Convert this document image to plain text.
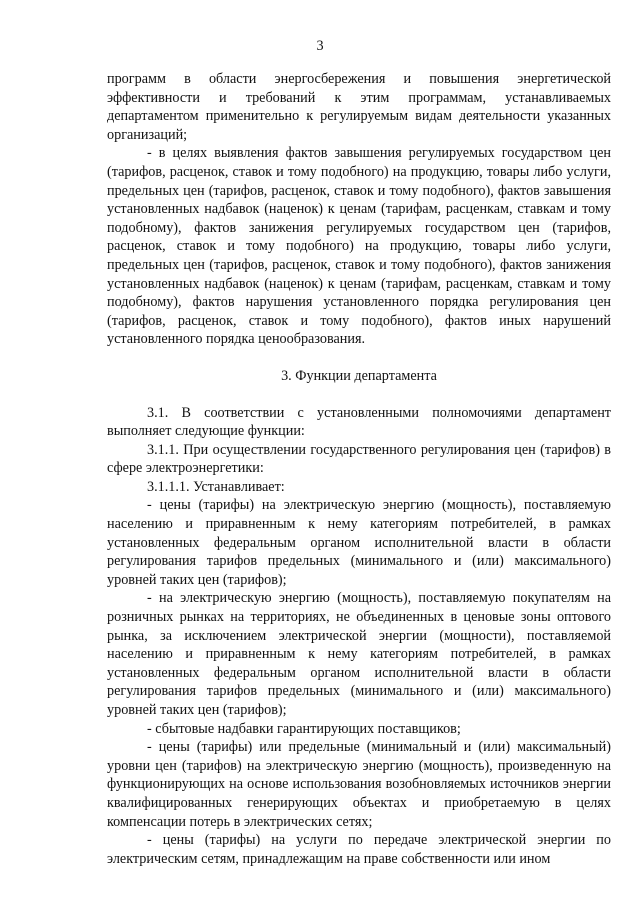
3

программ в области энергосбережения и повышения энергетической эффективности и требований к этим программам, устанавливаемых департаментом применительно к регулируемым видам деятельности указанных организаций;

- в целях выявления фактов завышения регулируемых государством цен (тарифов, расценок, ставок и тому подобного) на продукцию, товары либо услуги, предельных цен (тарифов, расценок, ставок и тому подобного), фактов завышения установленных надбавок (наценок) к ценам (тарифам, расценкам, ставкам и тому подобному), фактов занижения регулируемых государством цен (тарифов, расценок, ставок и тому подобного) на продукцию, товары либо услуги, предельных цен (тарифов, расценок, ставок и тому подобного), фактов занижения установленных надбавок (наценок) к ценам (тарифам, расценкам, ставкам и тому подобному), фактов нарушения установленного порядка регулирования цен (тарифов, расценок, ставок и тому подобного), фактов иных нарушений установленного порядка ценообразования.

3. Функции департамента

3.1. В соответствии с установленными полномочиями департамент выполняет следующие функции:

3.1.1. При осуществлении государственного регулирования цен (тарифов) в сфере электроэнергетики:

3.1.1.1. Устанавливает:

- цены (тарифы) на электрическую энергию (мощность), поставляемую населению и приравненным к нему категориям потребителей, в рамках установленных федеральным органом исполнительной власти в области регулирования тарифов предельных (минимального и (или) максимального) уровней таких цен (тарифов);

- на электрическую энергию (мощность), поставляемую покупателям на розничных рынках на территориях, не объединенных в ценовые зоны оптового рынка, за исключением электрической энергии (мощности), поставляемой населению и приравненным к нему категориям потребителей, в рамках установленных федеральным органом исполнительной власти в области регулирования тарифов предельных (минимального и (или) максимального) уровней таких цен (тарифов);

- сбытовые надбавки гарантирующих поставщиков;

- цены (тарифы) или предельные (минимальный и (или) максимальный) уровни цен (тарифов) на электрическую энергию (мощность), произведенную на функционирующих на основе использования возобновляемых источников энергии квалифицированных генерирующих объектах и приобретаемую в целях компенсации потерь в электрических сетях;

- цены (тарифы) на услуги по передаче электрической энергии по электрическим сетям, принадлежащим на праве собственности или ином
